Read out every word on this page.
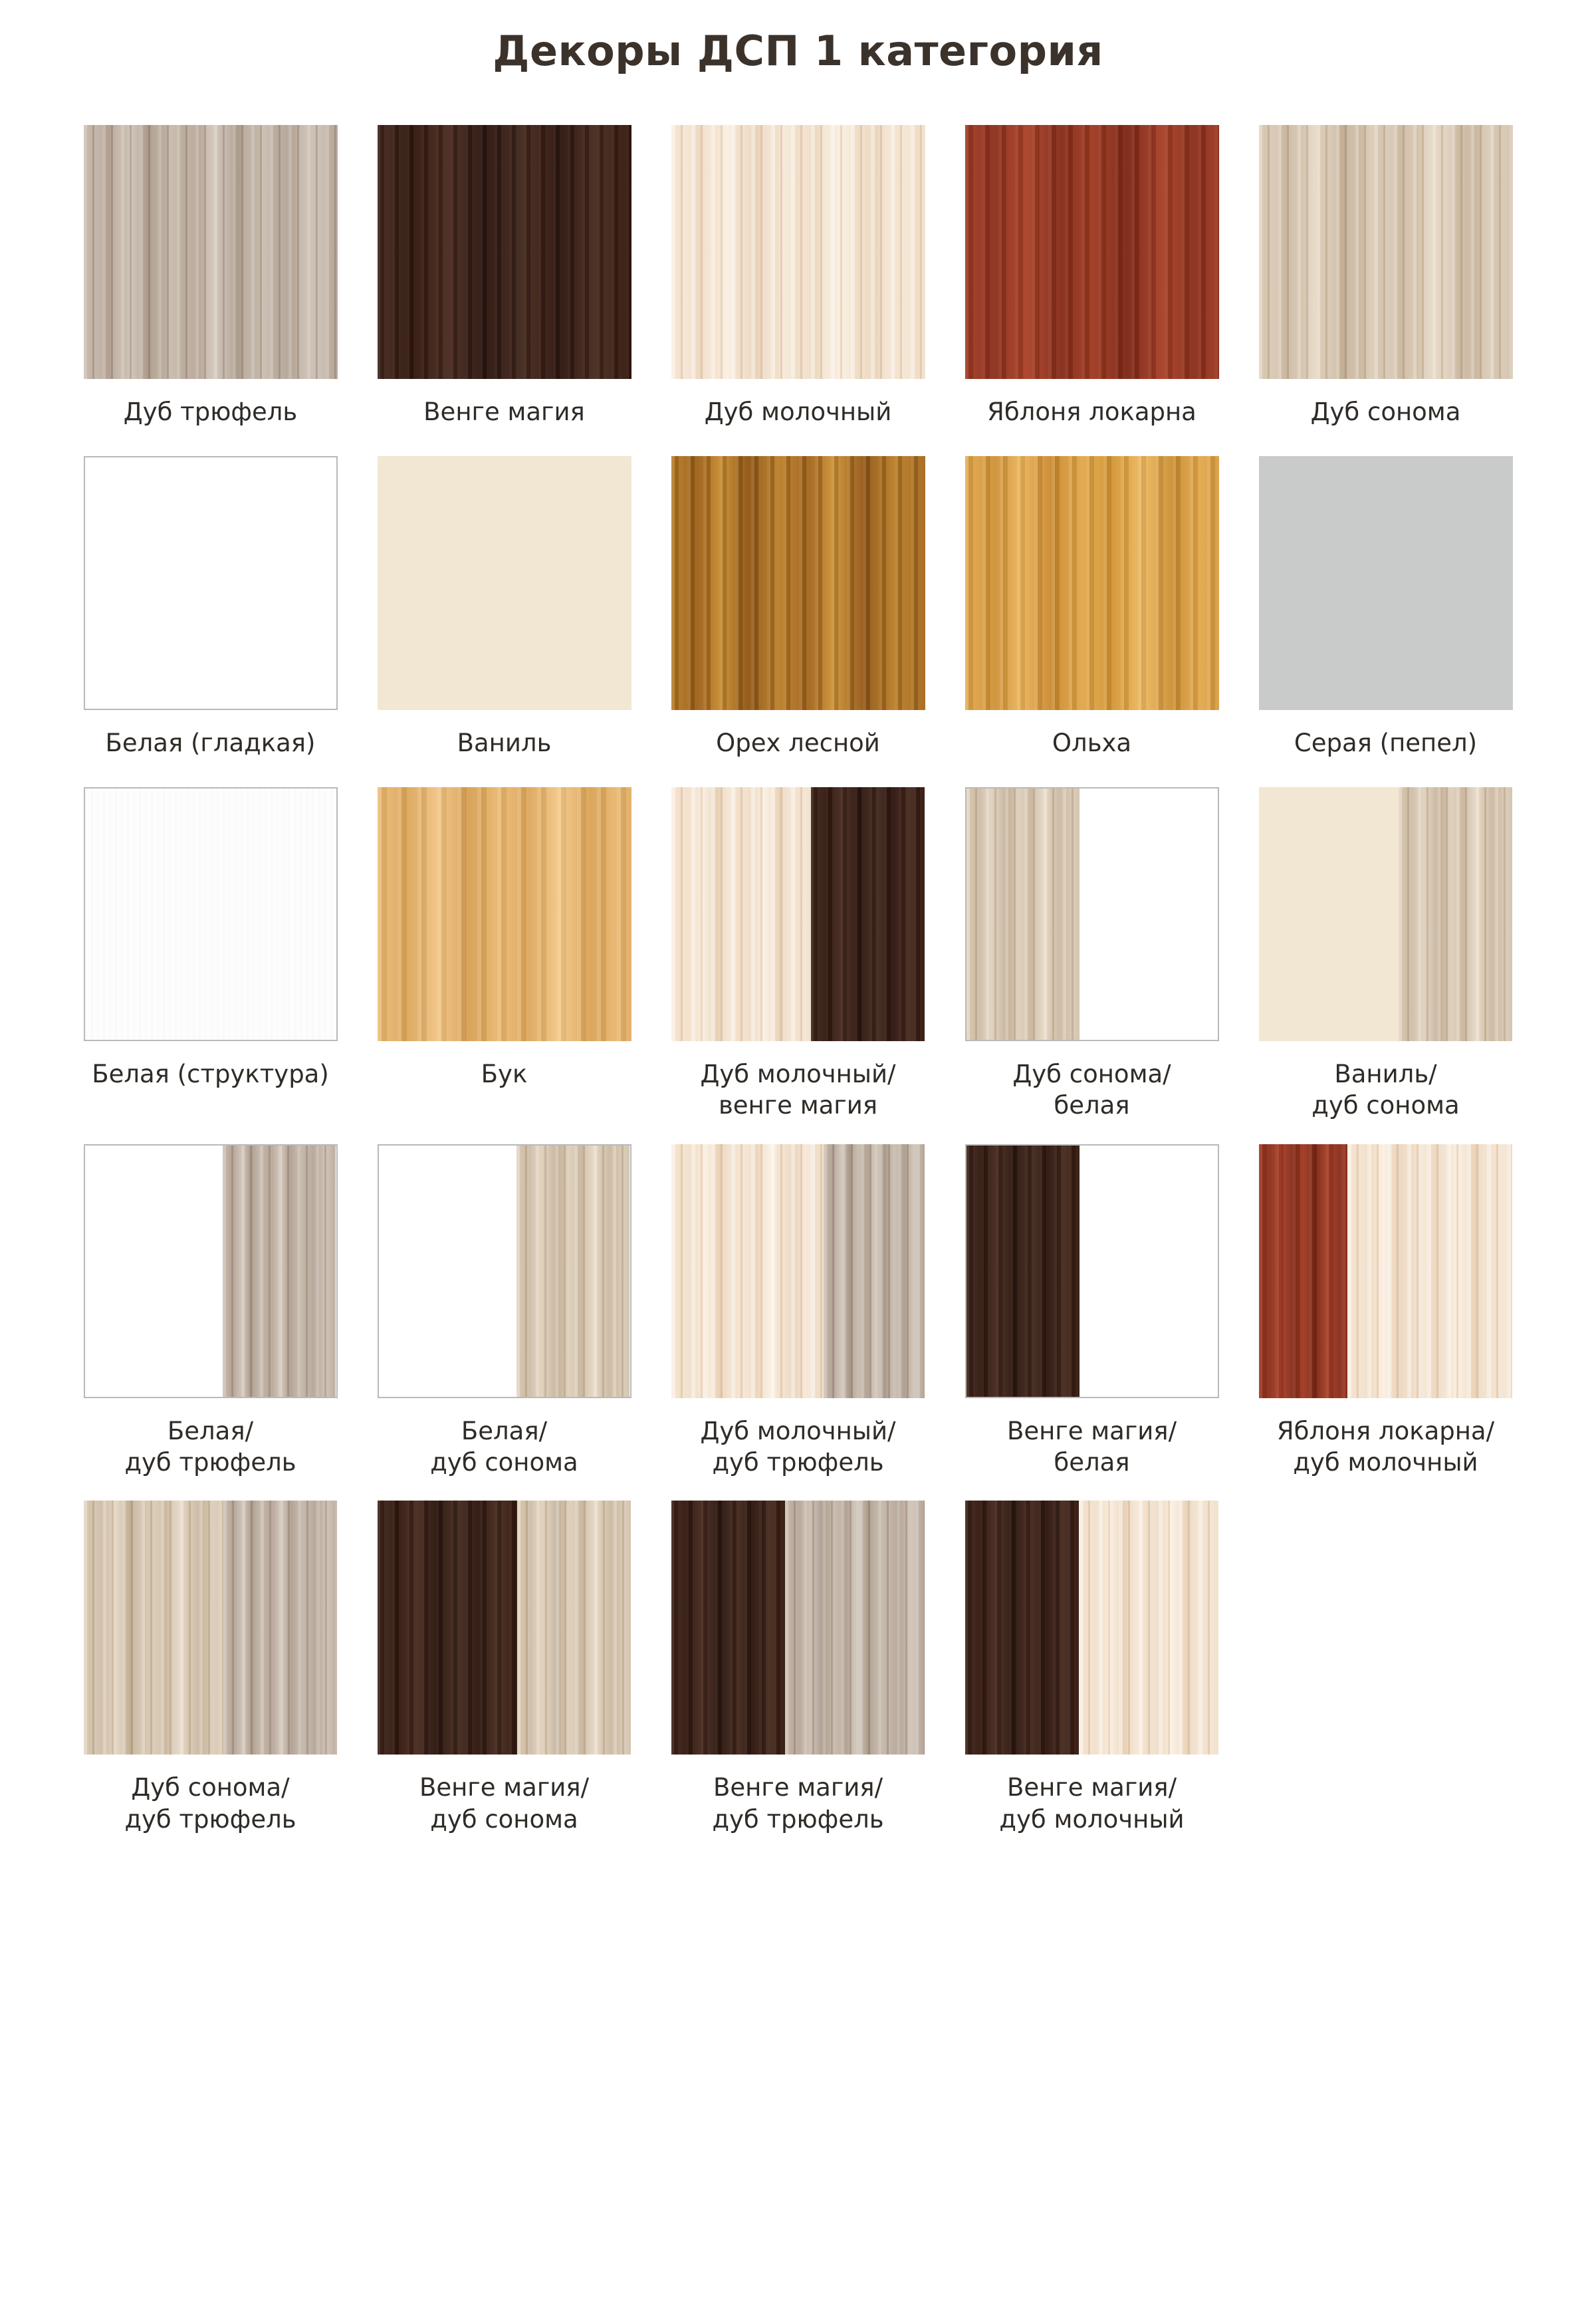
Декоры ДСП 1 категория
Дуб трюфель	Венге магия	Дуб молочный	Яблоня локарна	Дуб сонома
Белая (гладкая)	Ваниль	Орех лесной	Ольха	Серая (пепел)
Белая (структура)	Бук	Дуб молочный/
венге магия
Дуб сонома/
белая
Ваниль/
дуб сонома
Белая/
дуб трюфель
Белая/
дуб сонома
Дуб молочный/
дуб трюфель
Венге магия/
белая
Яблоня локарна/
дуб молочный
Дуб сонома/
дуб трюфель
Венге магия/
дуб сонома
Венге магия/
дуб трюфель
Венге магия/
дуб молочный
